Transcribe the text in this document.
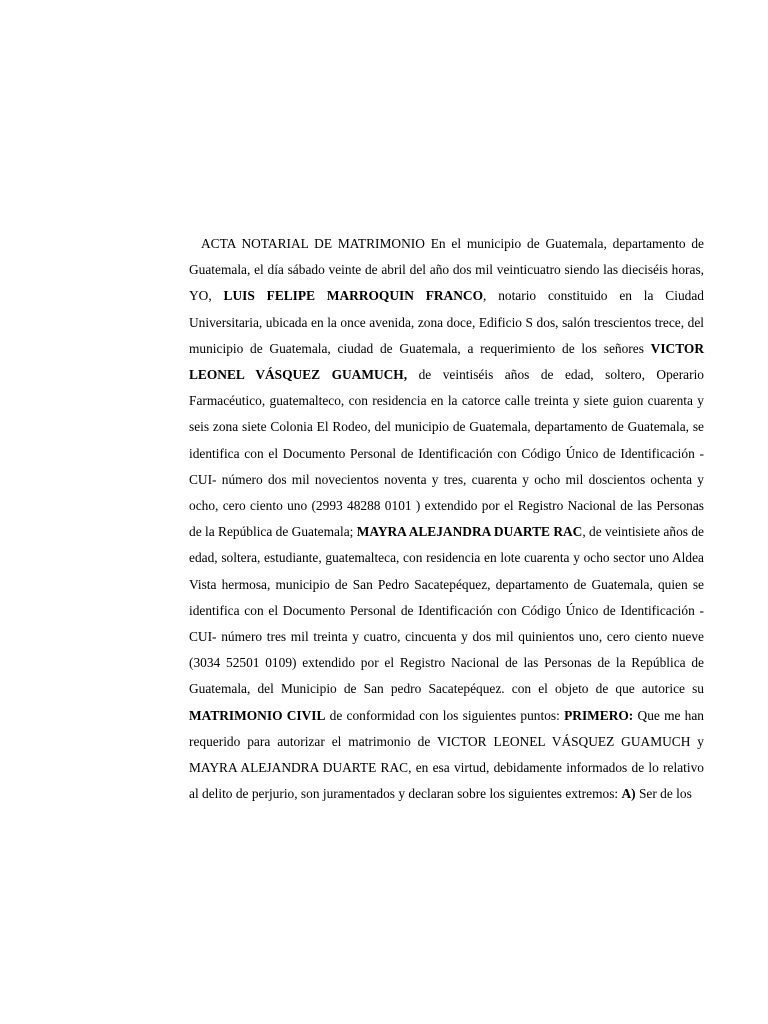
ACTA NOTARIAL DE MATRIMONIO En el municipio de Guatemala, departamento de Guatemala, el día sábado veinte de abril del año dos mil veinticuatro siendo las dieciséis horas, YO, LUIS FELIPE MARROQUIN FRANCO, notario constituido en la Ciudad Universitaria, ubicada en la once avenida, zona doce, Edificio S dos, salón trescientos trece, del municipio de Guatemala, ciudad de Guatemala, a requerimiento de los señores VICTOR LEONEL VÁSQUEZ GUAMUCH, de veintiséis años de edad, soltero, Operario Farmacéutico, guatemalteco, con residencia en la catorce calle treinta y siete guion cuarenta y seis zona siete Colonia El Rodeo, del municipio de Guatemala, departamento de Guatemala, se identifica con el Documento Personal de Identificación con Código Único de Identificación -CUI- número dos mil novecientos noventa y tres, cuarenta y ocho mil doscientos ochenta y ocho, cero ciento uno (2993 48288 0101 ) extendido por el Registro Nacional de las Personas de la República de Guatemala; MAYRA ALEJANDRA DUARTE RAC, de veintisiete años de edad, soltera, estudiante, guatemalteca, con residencia en lote cuarenta y ocho sector uno Aldea Vista hermosa, municipio de San Pedro Sacatepéquez, departamento de Guatemala, quien se identifica con el Documento Personal de Identificación con Código Único de Identificación -CUI- número tres mil treinta y cuatro, cincuenta y dos mil quinientos uno, cero ciento nueve (3034 52501 0109) extendido por el Registro Nacional de las Personas de la República de Guatemala, del Municipio de San pedro Sacatepéquez. con el objeto de que autorice su MATRIMONIO CIVIL de conformidad con los siguientes puntos: PRIMERO: Que me han requerido para autorizar el matrimonio de VICTOR LEONEL VÁSQUEZ GUAMUCH y MAYRA ALEJANDRA DUARTE RAC, en esa virtud, debidamente informados de lo relativo al delito de perjurio, son juramentados y declaran sobre los siguientes extremos: A) Ser de los
